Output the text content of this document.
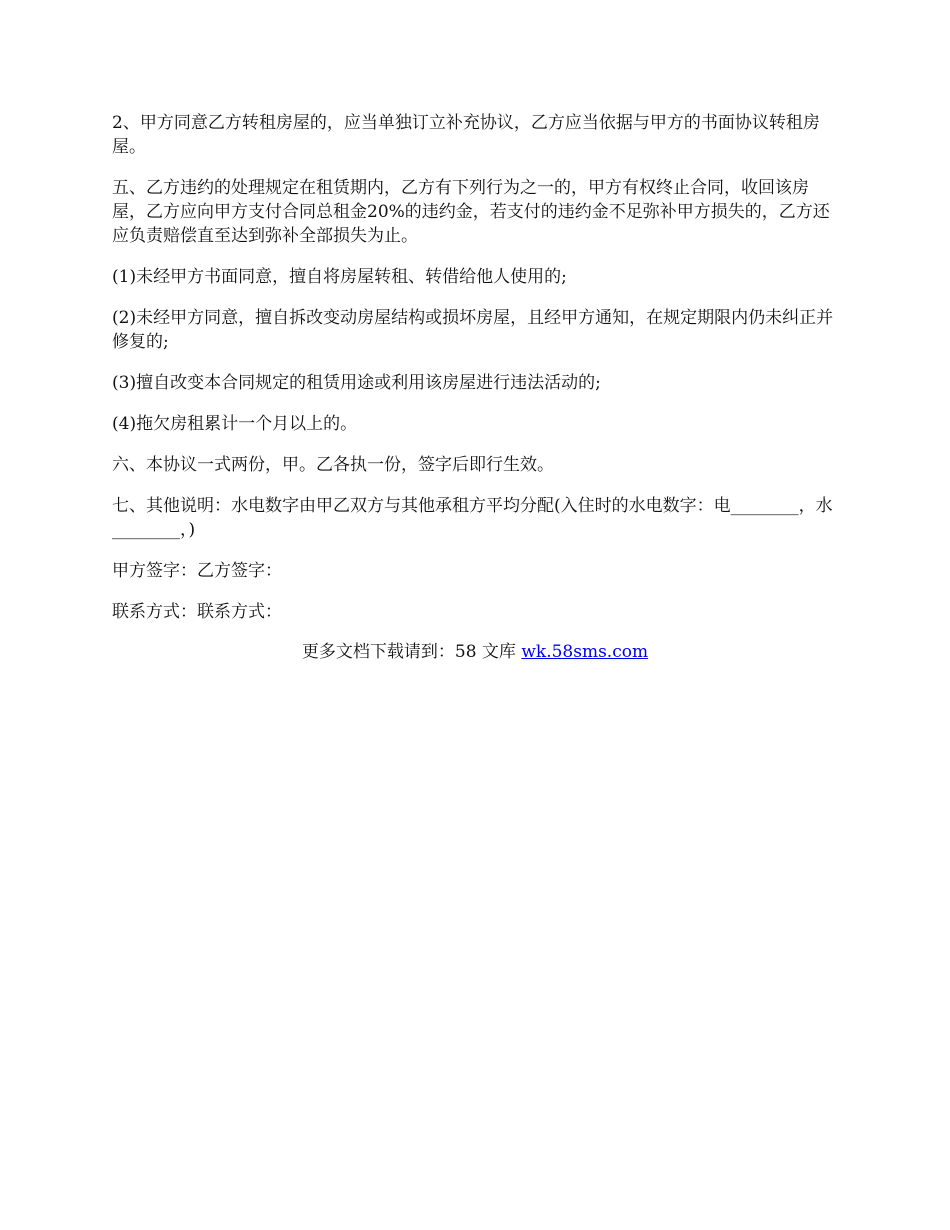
2、甲方同意乙方转租房屋的，应当单独订立补充协议，乙方应当依据与甲方的书面协议转租房屋。

五、乙方违约的处理规定在租赁期内，乙方有下列行为之一的，甲方有权终止合同，收回该房屋，乙方应向甲方支付合同总租金20%的违约金，若支付的违约金不足弥补甲方损失的，乙方还应负责赔偿直至达到弥补全部损失为止。

(1)未经甲方书面同意，擅自将房屋转租、转借给他人使用的;

(2)未经甲方同意，擅自拆改变动房屋结构或损坏房屋，且经甲方通知，在规定期限内仍未纠正并修复的;

(3)擅自改变本合同规定的租赁用途或利用该房屋进行违法活动的;

(4)拖欠房租累计一个月以上的。

六、本协议一式两份，甲。乙各执一份，签字后即行生效。

七、其他说明：水电数字由甲乙双方与其他承租方平均分配(入住时的水电数字：电________，水________，)

甲方签字：乙方签字：

联系方式：联系方式：

更多文档下载请到：58 文库 wk.58sms.com
